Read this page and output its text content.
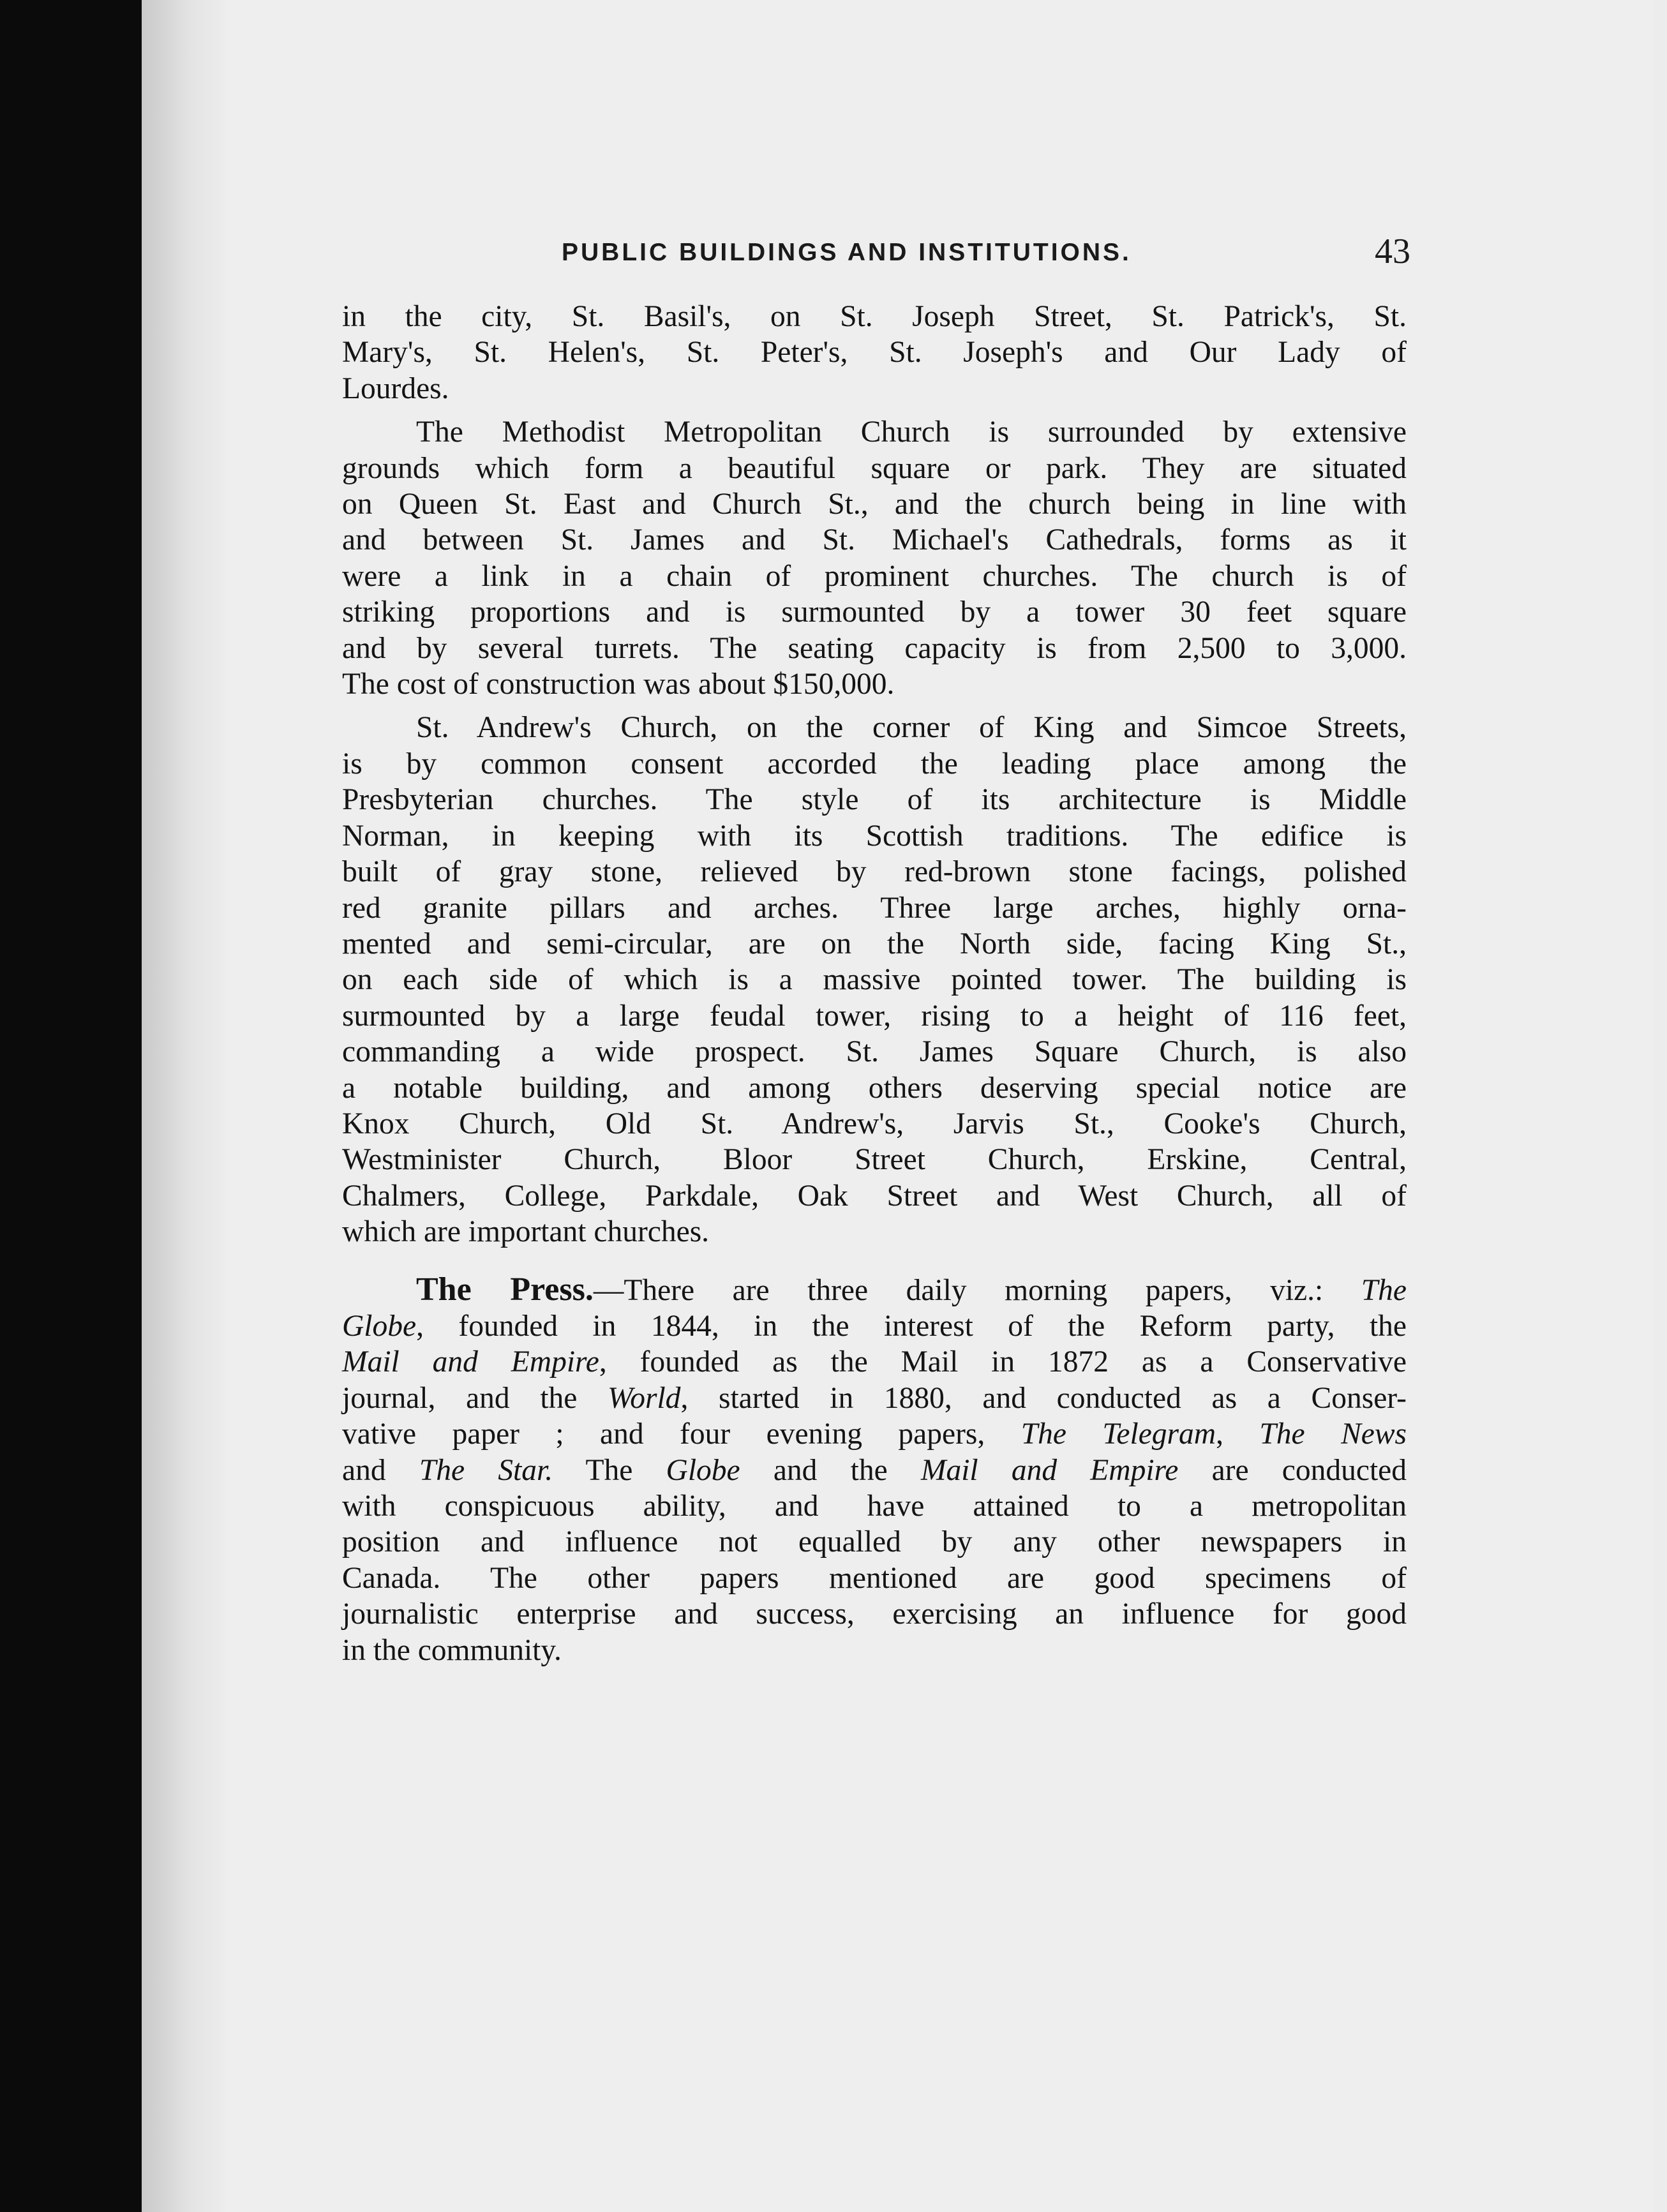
PUBLIC BUILDINGS AND INSTITUTIONS.	43
in the city, St. Basil's, on St. Joseph Street, St. Patrick's, St.
Mary's, St. Helen's, St. Peter's, St. Joseph's and Our Lady of
Lourdes.
The Methodist Metropolitan Church is surrounded by extensive
grounds which form a beautiful square or park. They are situated
on Queen St. East and Church St., and the church being in line with
and between St. James and St. Michael's Cathedrals, forms as it
were a link in a chain of prominent churches. The church is of
striking proportions and is surmounted by a tower 30 feet square
and by several turrets. The seating capacity is from 2,500 to 3,000.
The cost of construction was about $150,000.
St. Andrew's Church, on the corner of King and Simcoe Streets,
is by common consent accorded the leading place among the
Presbyterian churches. The style of its architecture is Middle
Norman, in keeping with its Scottish traditions. The edifice is
built of gray stone, relieved by red-brown stone facings, polished
red granite pillars and arches. Three large arches, highly orna-
mented and semi-circular, are on the North side, facing King St.,
on each side of which is a massive pointed tower. The building is
surmounted by a large feudal tower, rising to a height of 116 feet,
commanding a wide prospect. St. James Square Church, is also
a notable building, and among others deserving special notice are
Knox Church, Old St. Andrew's, Jarvis St., Cooke's Church,
Westminister Church, Bloor Street Church, Erskine, Central,
Chalmers, College, Parkdale, Oak Street and West Church, all of
which are important churches.
The Press.—There are three daily morning papers, viz.: The
Globe, founded in 1844, in the interest of the Reform party, the
Mail and Empire, founded as the Mail in 1872 as a Conservative
journal, and the World, started in 1880, and conducted as a Conser-
vative paper ; and four evening papers, The Telegram, The News
and The Star. The Globe and the Mail and Empire are conducted
with conspicuous ability, and have attained to a metropolitan
position and influence not equalled by any other newspapers in
Canada. The other papers mentioned are good specimens of
journalistic enterprise and success, exercising an influence for good
in the community.
